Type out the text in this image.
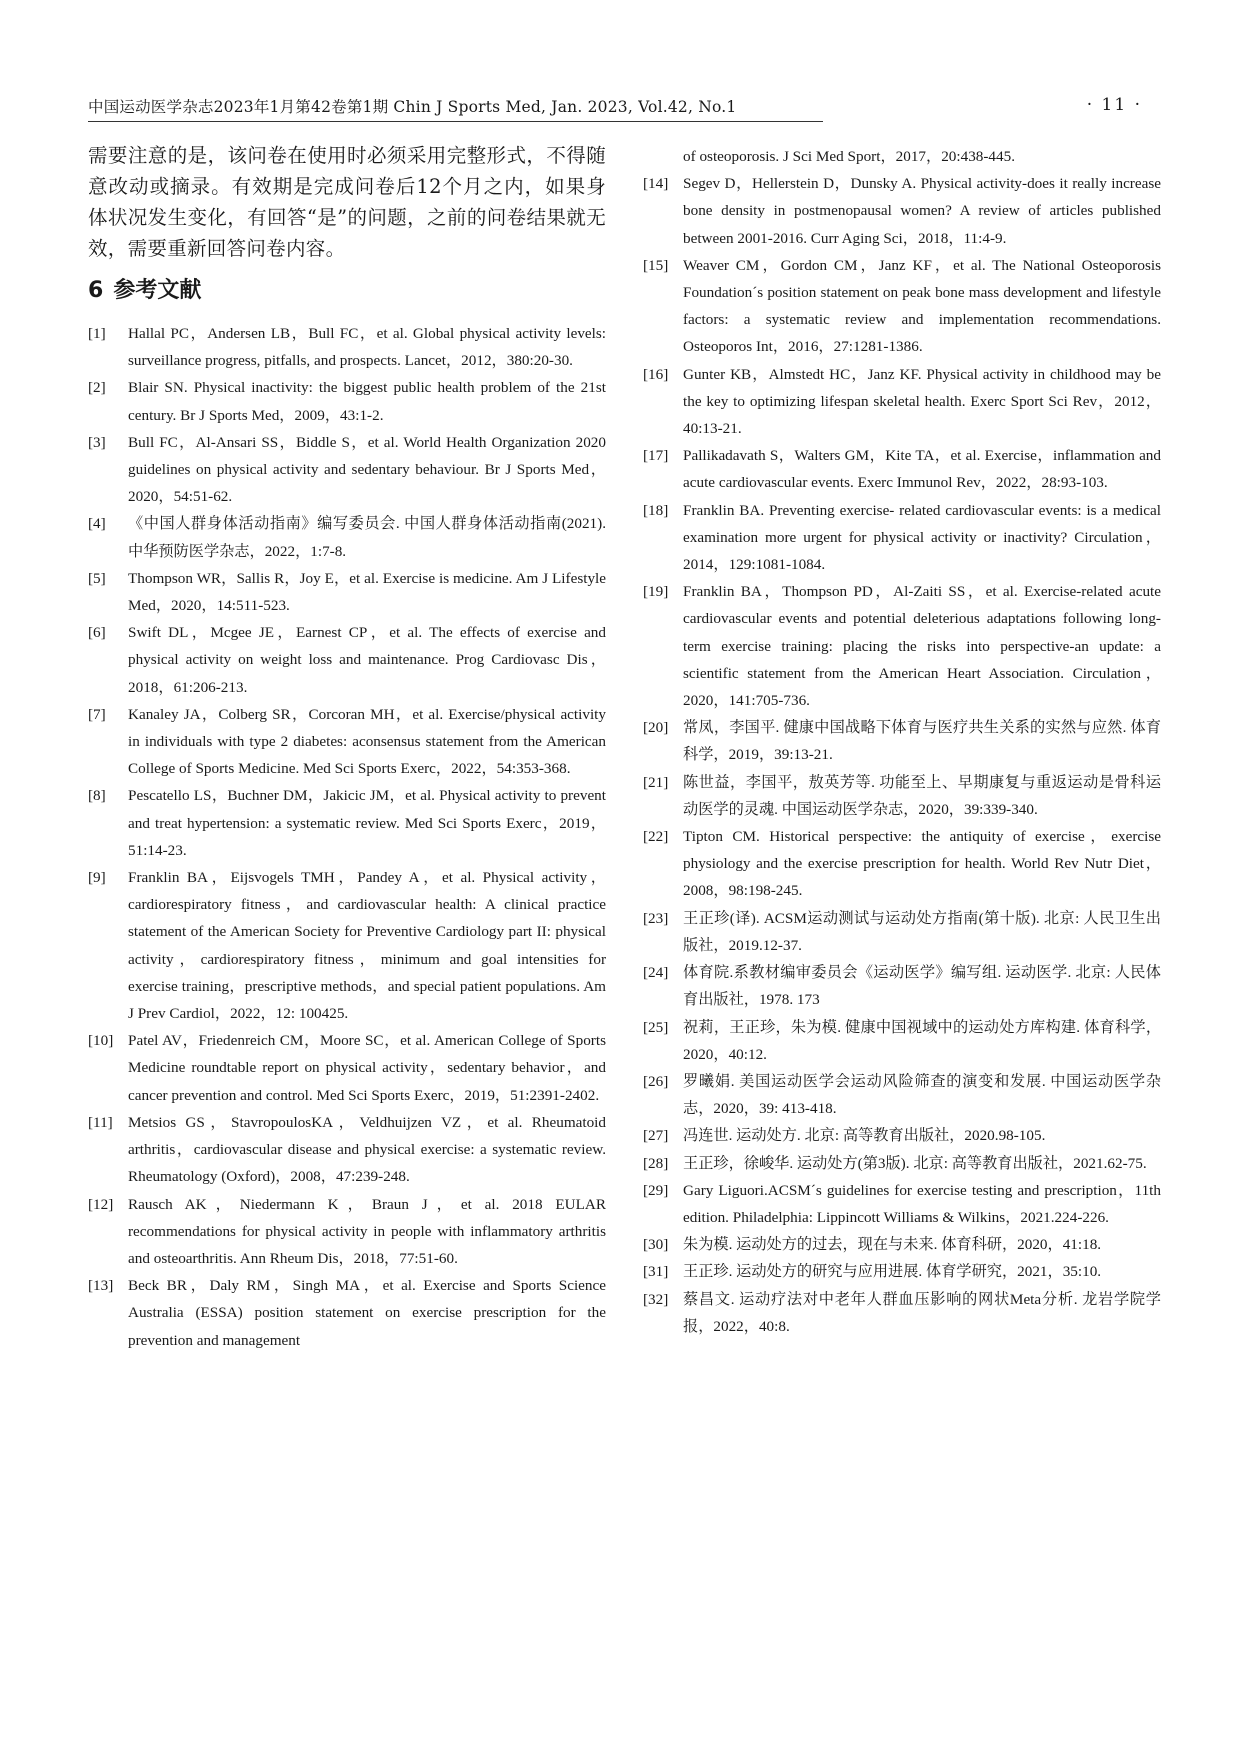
中国运动医学杂志2023年1月第42卷第1期 Chin J Sports Med, Jan. 2023, Vol.42, No.1	· 11 ·

需要注意的是，该问卷在使用时必须采用完整形式，不得随意改动或摘录。有效期是完成问卷后12个月之内，如果身体状况发生变化，有回答“是”的问题，之前的问卷结果就无效，需要重新回答问卷内容。

6 参考文献
[1]	Hallal PC，Andersen LB，Bull FC，et al. Global physical activity levels: surveillance progress, pitfalls, and prospects. Lancet，2012，380:20-30.
[2]	Blair SN. Physical inactivity: the biggest public health problem of the 21st century. Br J Sports Med，2009，43:1-2.
[3]	Bull FC，Al-Ansari SS，Biddle S，et al. World Health Organization 2020 guidelines on physical activity and sedentary behaviour. Br J Sports Med，2020，54:51-62.
[4]	《中国人群身体活动指南》编写委员会. 中国人群身体活动指南(2021). 中华预防医学杂志，2022，1:7-8.
[5]	Thompson WR，Sallis R，Joy E，et al. Exercise is medicine. Am J Lifestyle Med，2020，14:511-523.
[6]	Swift DL，Mcgee JE，Earnest CP，et al. The effects of exercise and physical activity on weight loss and maintenance. Prog Cardiovasc Dis，2018，61:206-213.
[7]	Kanaley JA，Colberg SR，Corcoran MH，et al. Exercise/physical activity in individuals with type 2 diabetes: aconsensus statement from the American College of Sports Medicine. Med Sci Sports Exerc，2022，54:353-368.
[8]	Pescatello LS，Buchner DM，Jakicic JM，et al. Physical activity to prevent and treat hypertension: a systematic review. Med Sci Sports Exerc，2019，51:14-23.
[9]	Franklin BA，Eijsvogels TMH，Pandey A，et al. Physical activity，cardiorespiratory fitness，and cardiovascular health: A clinical practice statement of the American Society for Preventive Cardiology part II: physical activity，cardiorespiratory fitness，minimum and goal intensities for exercise training，prescriptive methods，and special patient populations. Am J Prev Cardiol，2022，12: 100425.
[10] Patel AV，Friedenreich CM，Moore SC，et al. American College of Sports Medicine roundtable report on physical activity，sedentary behavior，and cancer prevention and control. Med Sci Sports Exerc，2019，51:2391-2402.
[11]	Metsios GS，StavropoulosKA，Veldhuijzen VZ，et al. Rheumatoid arthritis，cardiovascular disease and physical exercise: a systematic review. Rheumatology (Oxford)，2008，47:239-248.
[12] Rausch AK，Niedermann K，Braun J，et al. 2018 EULAR recommendations for physical activity in people with inflammatory arthritis and osteoarthritis. Ann Rheum Dis，2018，77:51-60.
[13] Beck BR，Daly RM，Singh MA，et al. Exercise and Sports Science Australia (ESSA) position statement on exercise prescription for the prevention and management
of osteoporosis. J Sci Med Sport，2017，20:438-445.
[14] Segev D，Hellerstein D，Dunsky A. Physical activity-does it really increase bone density in postmenopausal women? A review of articles published between 2001-2016. Curr Aging Sci，2018，11:4-9.
[15] Weaver CM，Gordon CM，Janz KF，et al. The National Osteoporosis Foundation´s position statement on peak bone mass development and lifestyle factors: a systematic review and implementation recommendations. Osteoporos Int，2016，27:1281-1386.
[16] Gunter KB，Almstedt HC，Janz KF. Physical activity in childhood may be the key to optimizing lifespan skeletal health. Exerc Sport Sci Rev，2012，40:13-21.
[17] Pallikadavath S，Walters GM，Kite TA，et al. Exercise，inflammation and acute cardiovascular events. Exerc Immunol Rev，2022，28:93-103.
[18] Franklin BA. Preventing exercise- related cardiovascular events: is a medical examination more urgent for physical activity or inactivity? Circulation，2014，129:1081-1084.
[19] Franklin BA，Thompson PD，Al-Zaiti SS，et al. Exercise-related acute cardiovascular events and potential deleterious adaptations following long-term exercise training: placing the risks into perspective-an update: a scientific statement from the American Heart Association. Circulation，2020，141:705-736.
[20] 常凤，李国平. 健康中国战略下体育与医疗共生关系的实然与应然. 体育科学，2019，39:13-21.
[21] 陈世益，李国平，敖英芳等. 功能至上、早期康复与重返运动是骨科运动医学的灵魂. 中国运动医学杂志，2020，39:339-340.
[22] Tipton CM. Historical perspective: the antiquity of exercise，exercise physiology and the exercise prescription for health. World Rev Nutr Diet，2008，98:198-245.
[23] 王正珍(译). ACSM运动测试与运动处方指南(第十版). 北京: 人民卫生出版社，2019.12-37.
[24] 体育院.系教材编审委员会《运动医学》编写组. 运动医学. 北京: 人民体育出版社，1978. 173
[25] 祝莉，王正珍，朱为模. 健康中国视域中的运动处方库构建. 体育科学，2020，40:12.
[26] 罗曦娟. 美国运动医学会运动风险筛查的演变和发展. 中国运动医学杂志，2020，39: 413-418.
[27] 冯连世. 运动处方. 北京: 高等教育出版社，2020.98-105.
[28] 王正珍，徐峻华. 运动处方(第3版). 北京: 高等教育出版社，2021.62-75.
[29] Gary Liguori.ACSM´s guidelines for exercise testing and prescription，11th edition. Philadelphia: Lippincott Williams & Wilkins，2021.224-226.
[30] 朱为模. 运动处方的过去，现在与未来. 体育科研，2020，41:18.
[31] 王正珍. 运动处方的研究与应用进展. 体育学研究，2021，35:10.
[32] 蔡昌文. 运动疗法对中老年人群血压影响的网状Meta分析. 龙岩学院学报，2022，40:8.
